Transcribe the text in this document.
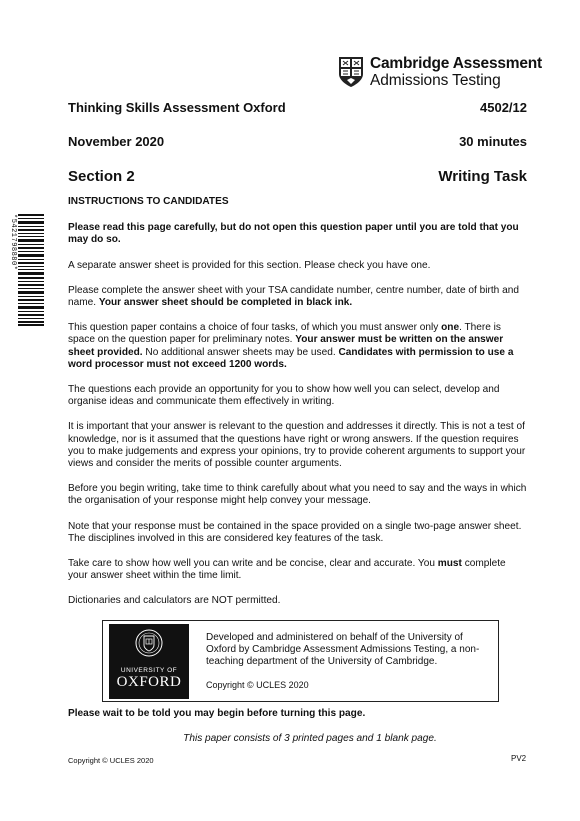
Cambridge Assessment
Admissions Testing
Thinking Skills Assessment Oxford	4502/12
November 2020	30 minutes
Section 2	Writing Task
*5421798880*

INSTRUCTIONS TO CANDIDATES

Please read this page carefully, but do not open this question paper until you are told that you may do so.

A separate answer sheet is provided for this section. Please check you have one.

Please complete the answer sheet with your TSA candidate number, centre number, date of birth and name. Your answer sheet should be completed in black ink.

This question paper contains a choice of four tasks, of which you must answer only one. There is space on the question paper for preliminary notes. Your answer must be written on the answer sheet provided. No additional answer sheets may be used. Candidates with permission to use a word processor must not exceed 1200 words.

The questions each provide an opportunity for you to show how well you can select, develop and organise ideas and communicate them effectively in writing.

It is important that your answer is relevant to the question and addresses it directly. This is not a test of knowledge, nor is it assumed that the questions have right or wrong answers. If the question requires you to make judgements and express your opinions, try to provide coherent arguments to support your views and consider the merits of possible counter arguments.

Before you begin writing, take time to think carefully about what you need to say and the ways in which the organisation of your response might help convey your message.

Note that your response must be contained in the space provided on a single two-page answer sheet. The disciplines involved in this are considered key features of the task.

Take care to show how well you can write and be concise, clear and accurate. You must complete your answer sheet within the time limit.

Dictionaries and calculators are NOT permitted.

UNIVERSITY OF
OXFORD
Developed and administered on behalf of the University of Oxford by Cambridge Assessment Admissions Testing, a non-teaching department of the University of Cambridge.
Copyright © UCLES 2020
Please wait to be told you may begin before turning this page.
This paper consists of 3 printed pages and 1 blank page.
Copyright © UCLES 2020	PV2
